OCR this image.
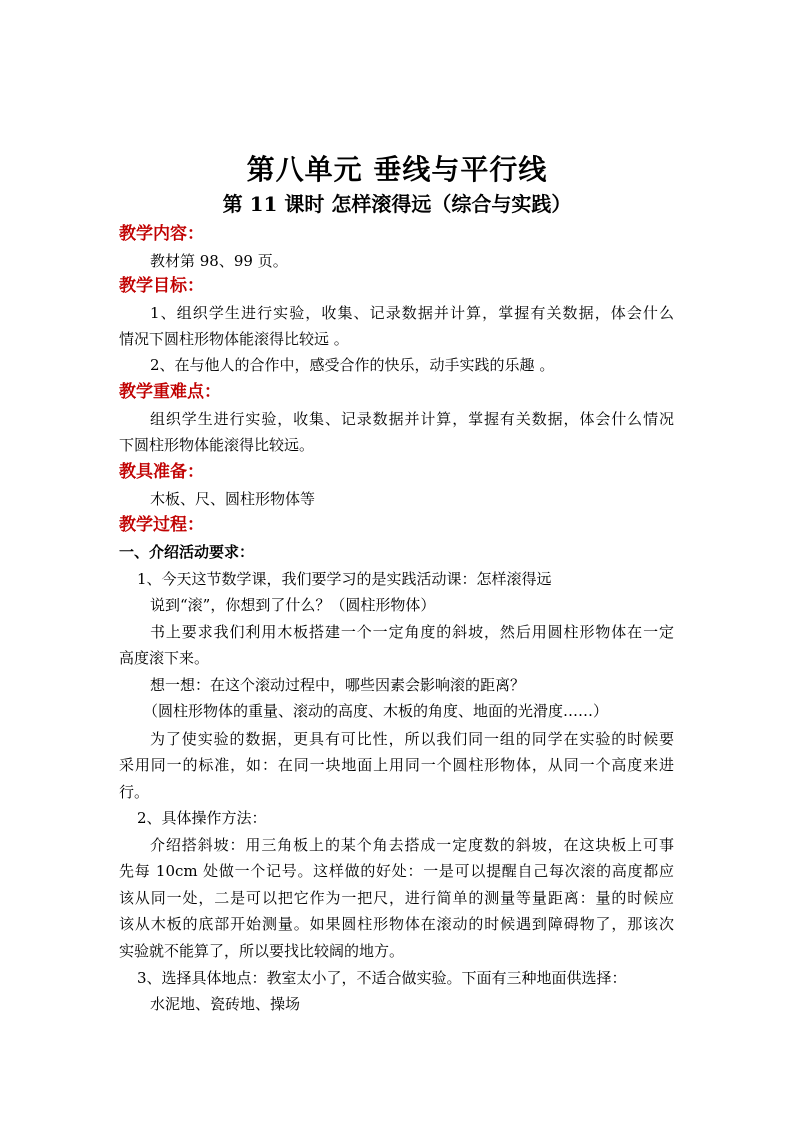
第八单元 垂线与平行线
第 11 课时 怎样滚得远（综合与实践）
教学内容：
教材第 98、99 页。
教学目标：
1、组织学生进行实验，收集、记录数据并计算，掌握有关数据，体会什么
情况下圆柱形物体能滚得比较远 。
2、在与他人的合作中，感受合作的快乐，动手实践的乐趣 。
教学重难点：
组织学生进行实验，收集、记录数据并计算，掌握有关数据，体会什么情况
下圆柱形物体能滚得比较远。
教具准备：
木板、尺、圆柱形物体等
教学过程：
一、介绍活动要求：
1、今天这节数学课，我们要学习的是实践活动课：怎样滚得远
说到“滚”，你想到了什么？（圆柱形物体）
书上要求我们利用木板搭建一个一定角度的斜坡，然后用圆柱形物体在一定
高度滚下来。
想一想：在这个滚动过程中，哪些因素会影响滚的距离？
（圆柱形物体的重量、滚动的高度、木板的角度、地面的光滑度……）
为了使实验的数据，更具有可比性，所以我们同一组的同学在实验的时候要
采用同一的标准，如：在同一块地面上用同一个圆柱形物体，从同一个高度来进
行。
2、具体操作方法：
介绍搭斜坡：用三角板上的某个角去搭成一定度数的斜坡，在这块板上可事
先每 10cm 处做一个记号。这样做的好处：一是可以提醒自己每次滚的高度都应
该从同一处，二是可以把它作为一把尺，进行简单的测量等量距离：量的时候应
该从木板的底部开始测量。如果圆柱形物体在滚动的时候遇到障碍物了，那该次
实验就不能算了，所以要找比较阔的地方。
3、选择具体地点：教室太小了，不适合做实验。下面有三种地面供选择：
水泥地、瓷砖地、操场
